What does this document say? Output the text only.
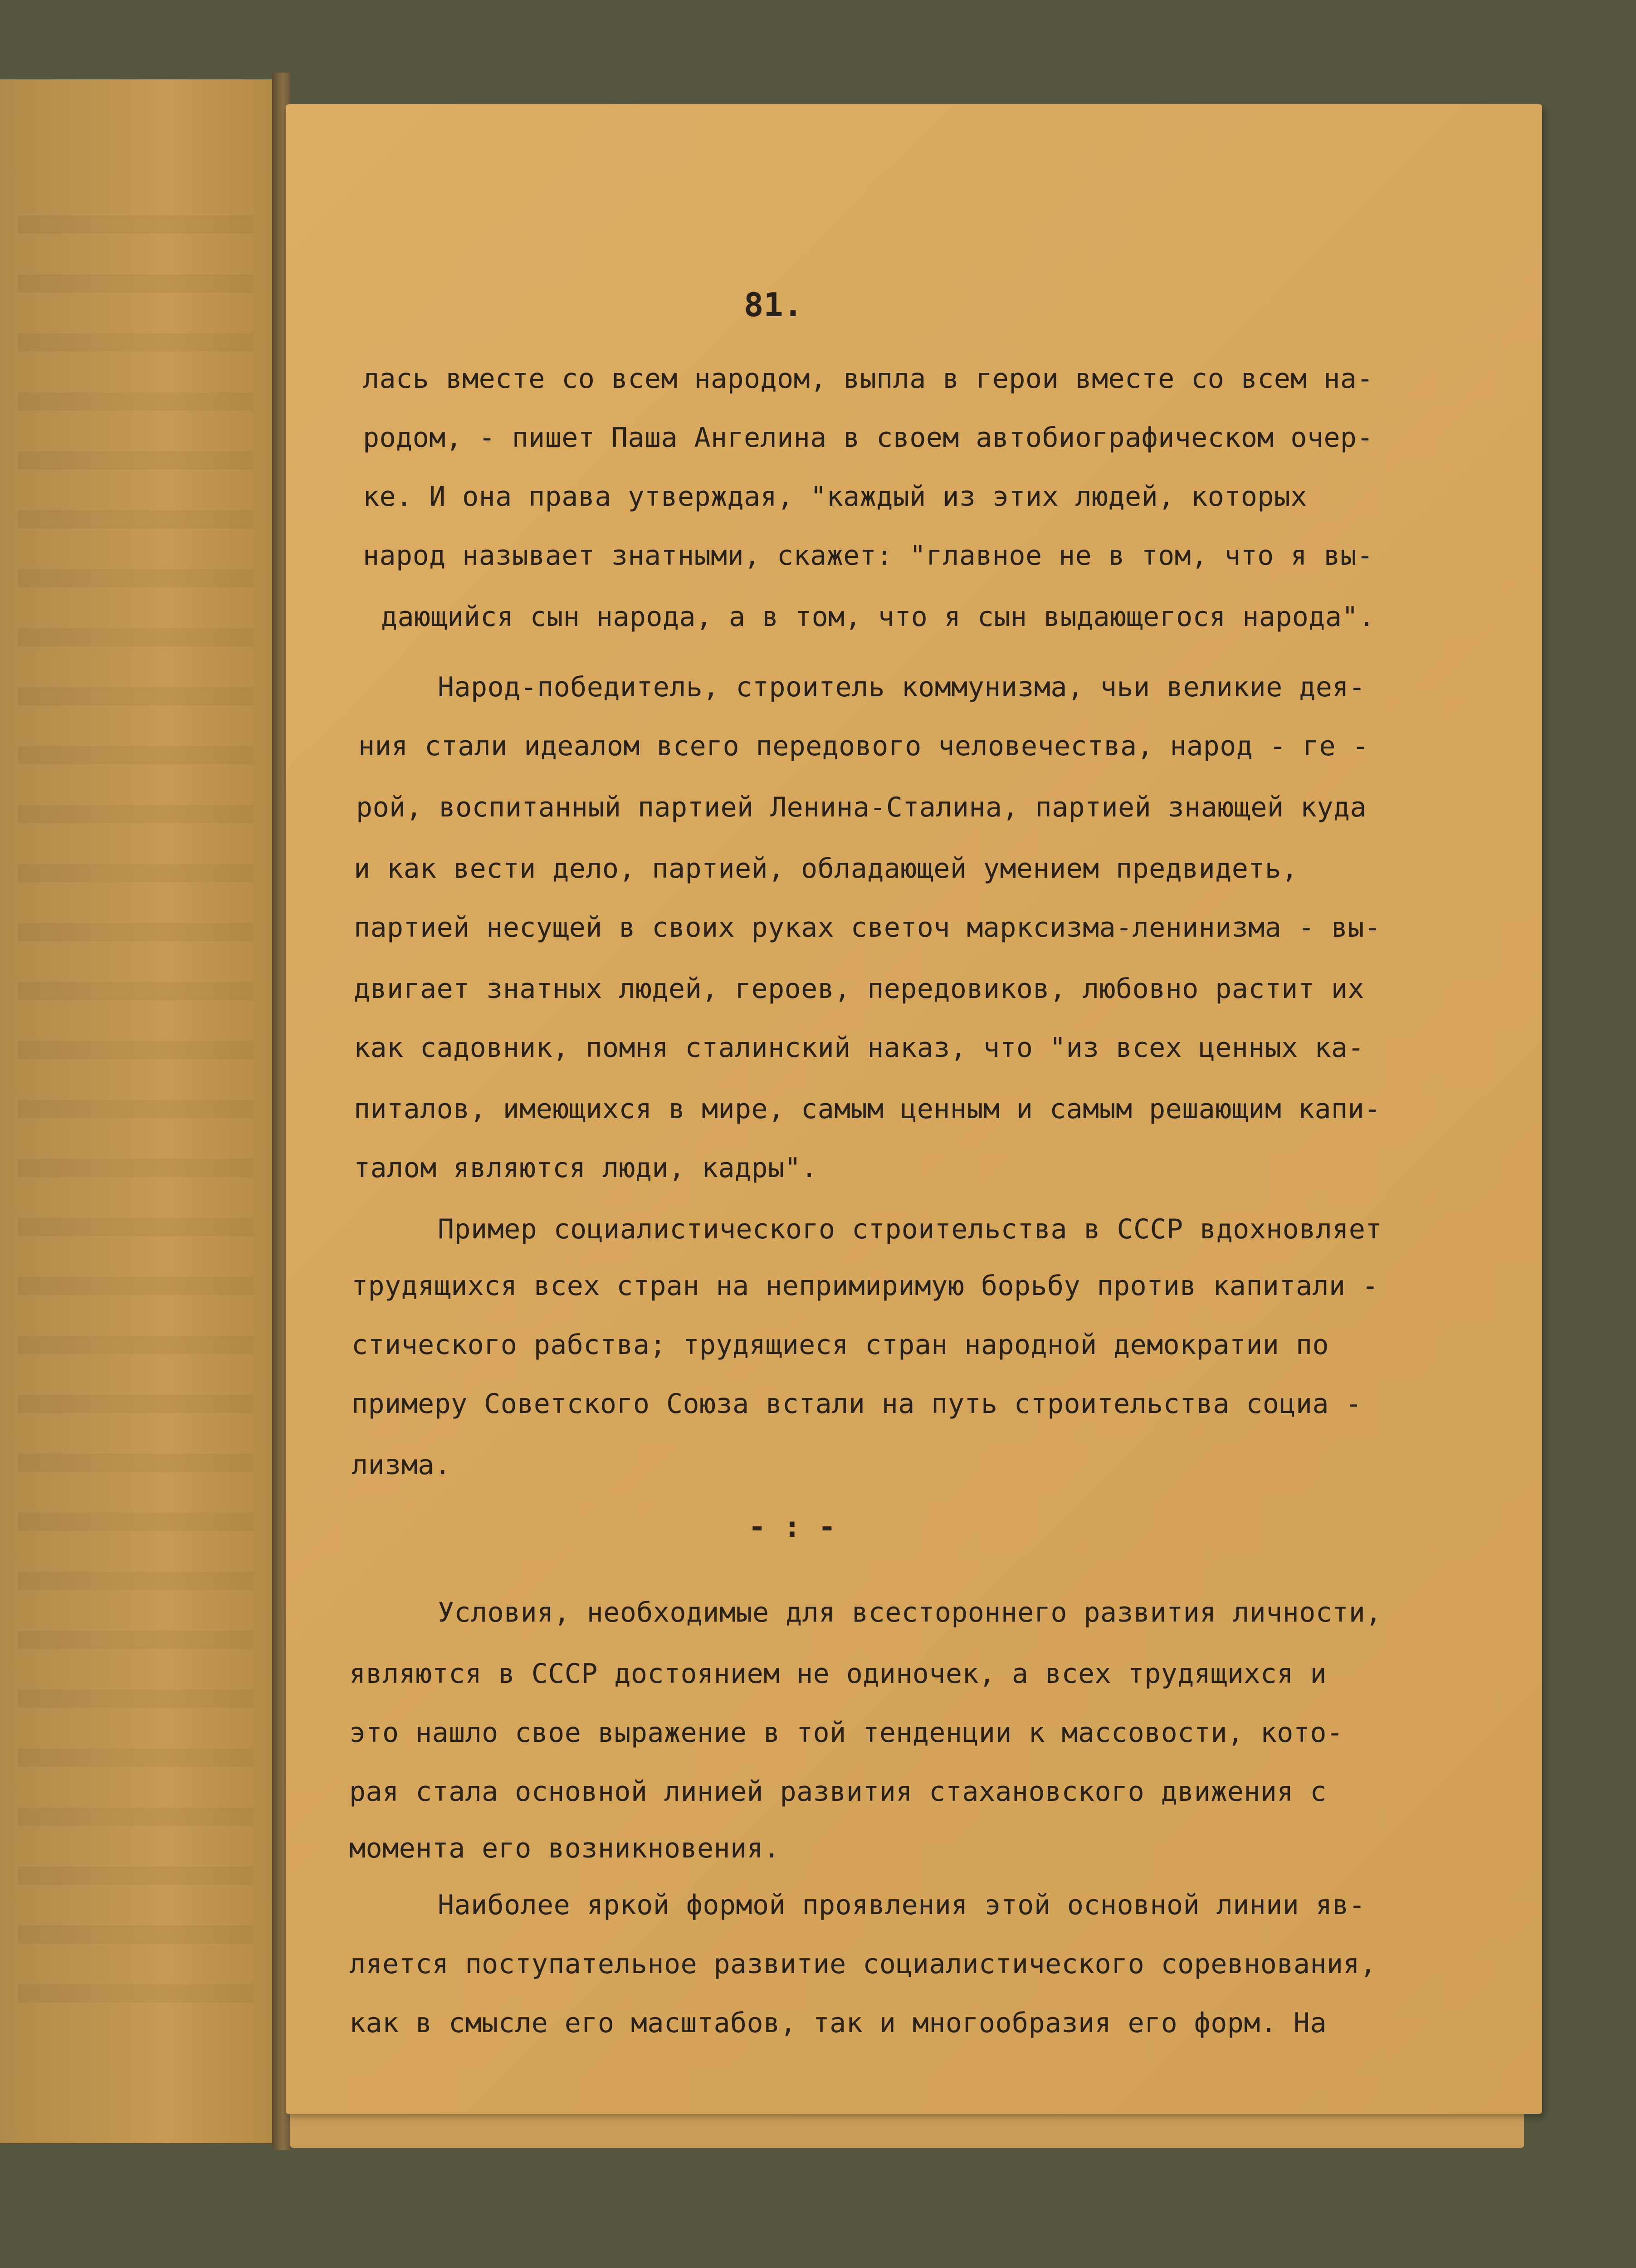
81.
лась вместе со всем народом, выпла в герои вместе со всем на-
родом, - пишет Паша Ангелина в своем автобиографическом очер-
ке. И она права утверждая, "каждый из этих людей, которых
народ называет знатными, скажет: "главное не в том, что я вы-
дающийся сын народа, а в том, что я сын выдающегося народа".
Народ-победитель, строитель коммунизма, чьи великие дея-
ния стали идеалом всего передового человечества, народ - ге -
рой, воспитанный партией Ленина-Сталина, партией знающей куда
и как вести дело, партией, обладающей умением предвидеть,
партией несущей в своих руках светоч марксизма-ленинизма - вы-
двигает знатных людей, героев, передовиков, любовно растит их
как садовник, помня сталинский наказ, что "из всех ценных ка-
питалов, имеющихся в мире, самым ценным и самым решающим капи-
талом являются люди, кадры".
Пример социалистического строительства в СССР вдохновляет
трудящихся всех стран на непримиримую борьбу против капитали -
стического рабства; трудящиеся стран народной демократии по
примеру Советского Союза встали на путь строительства социа -
лизма.
- : -
Условия, необходимые для всестороннего развития личности,
являются в СССР достоянием не одиночек, а всех трудящихся и
это нашло свое выражение в той тенденции к массовости, кото-
рая стала основной линией развития стахановского движения с
момента его возникновения.
Наиболее яркой формой проявления этой основной линии яв-
ляется поступательное развитие социалистического соревнования,
как в смысле его масштабов, так и многообразия его форм. На
